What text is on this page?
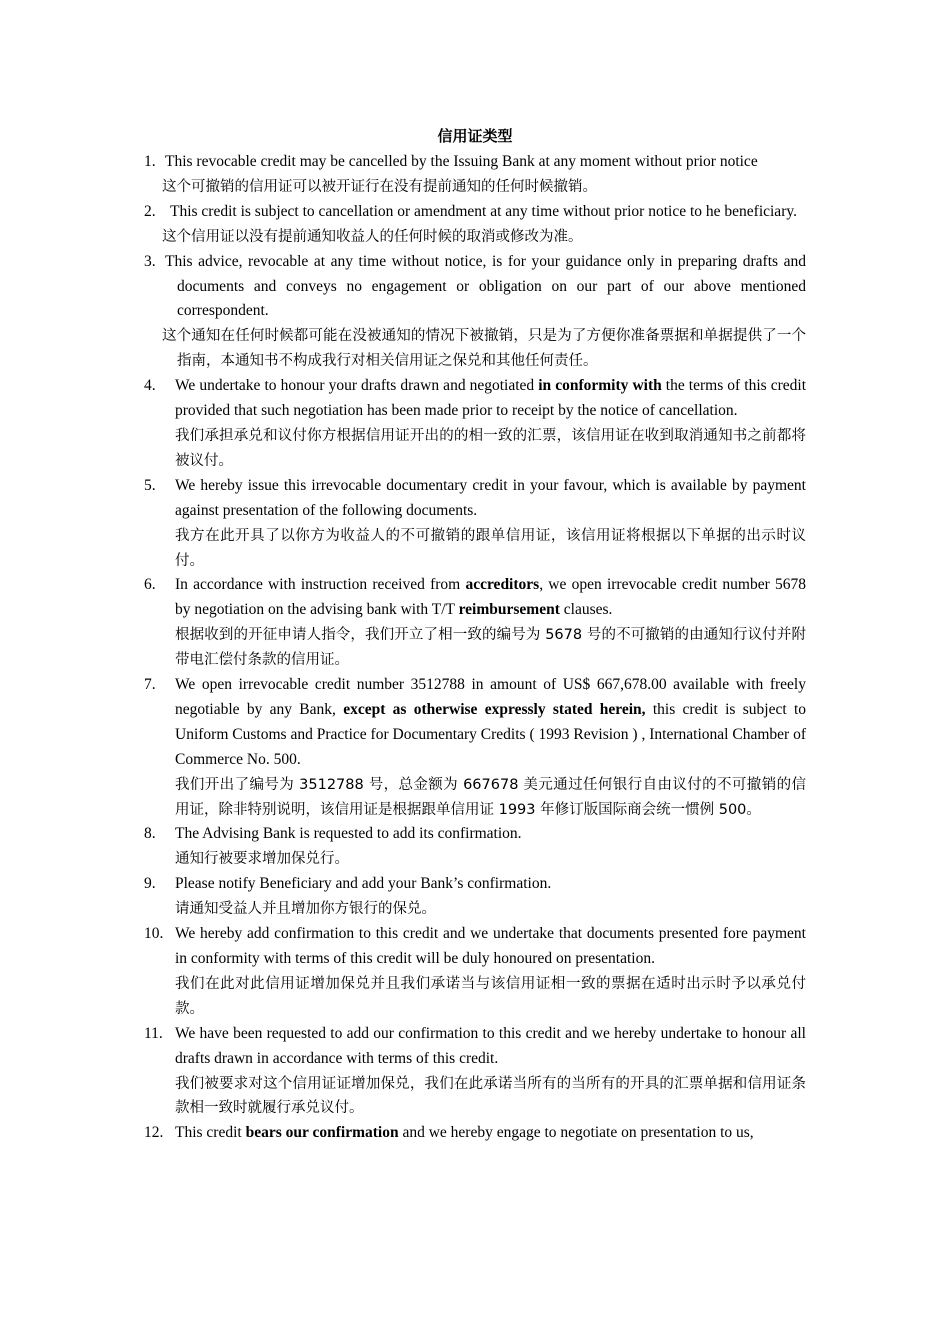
信用证类型
1. This revocable credit may be cancelled by the Issuing Bank at any moment without prior notice
这个可撤销的信用证可以被开证行在没有提前通知的任何时候撤销。
2. This credit is subject to cancellation or amendment at any time without prior notice to he beneficiary.
这个信用证以没有提前通知收益人的任何时候的取消或修改为准。
3. This advice, revocable at any time without notice, is for your guidance only in preparing drafts and documents and conveys no engagement or obligation on our part of our above mentioned correspondent.
这个通知在任何时候都可能在没被通知的情况下被撤销，只是为了方便你准备票据和单据提供了一个指南，本通知书不构成我行对相关信用证之保兑和其他任何责任。
4.	We undertake to honour your drafts drawn and negotiated in conformity with the terms of this credit provided that such negotiation has been made prior to receipt by the notice of cancellation.
我们承担承兑和议付你方根据信用证开出的的相一致的汇票，该信用证在收到取消通知书之前都将被议付。
5.	We hereby issue this irrevocable documentary credit in your favour, which is available by payment against presentation of the following documents.
我方在此开具了以你方为收益人的不可撤销的跟单信用证，该信用证将根据以下单据的出示时议付。
6.	In accordance with instruction received from accreditors, we open irrevocable credit number 5678 by negotiation on the advising bank with T/T reimbursement clauses.
根据收到的开征申请人指令，我们开立了相一致的编号为 5678 号的不可撤销的由通知行议付并附带电汇偿付条款的信用证。
7.	We open irrevocable credit number 3512788 in amount of US$ 667,678.00 available with freely negotiable by any Bank, except as otherwise expressly stated herein, this credit is subject to Uniform Customs and Practice for Documentary Credits ( 1993 Revision ) , International Chamber of Commerce No. 500.
我们开出了编号为 3512788 号，总金额为 667678 美元通过任何银行自由议付的不可撤销的信用证，除非特别说明，该信用证是根据跟单信用证 1993 年修订版国际商会统一惯例 500。
8.	The Advising Bank is requested to add its confirmation.
通知行被要求增加保兑行。
9.	Please notify Beneficiary and add your Bank’s confirmation.
请通知受益人并且增加你方银行的保兑。
10. We hereby add confirmation to this credit and we undertake that documents presented fore payment in conformity with terms of this credit will be duly honoured on presentation.
我们在此对此信用证增加保兑并且我们承诺当与该信用证相一致的票据在适时出示时予以承兑付款。
11. We have been requested to add our confirmation to this credit and we hereby undertake to honour all drafts drawn in accordance with terms of this credit.
我们被要求对这个信用证证增加保兑，我们在此承诺当所有的当所有的开具的汇票单据和信用证条款相一致时就履行承兑议付。
12. This credit bears our confirmation and we hereby engage to negotiate on presentation to us,
